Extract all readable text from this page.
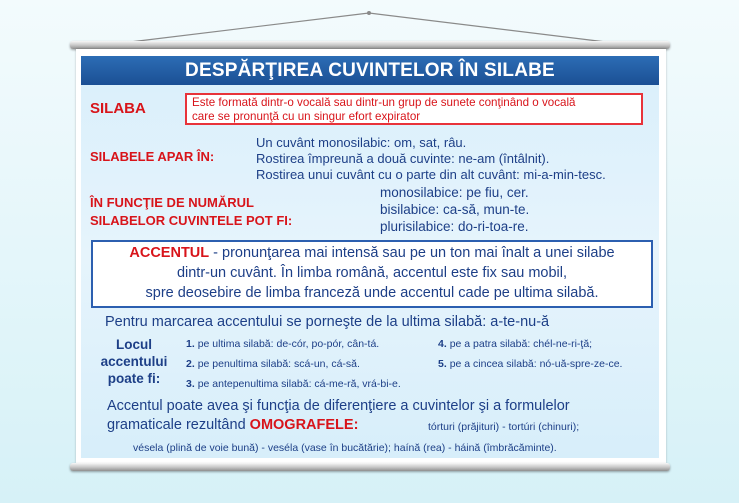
DESPĂRŢIREA CUVINTELOR ÎN SILABE
SILABA	Este formată dintr-o vocală sau dintr-un grup de sunete conţinând o vocală
care se pronunţă cu un singur efort expirator
SILABELE APAR ÎN:
Un cuvânt monosilabic: om, sat, râu.
Rostirea împreună a două cuvinte: ne-am (întâlnit).
Rostirea unui cuvânt cu o parte din alt cuvânt: mi-a-min-tesc.
ÎN FUNCŢIE DE NUMĂRUL
SILABELOR CUVINTELE POT FI:
monosilabice: pe fiu, cer.
bisilabice: ca-să, mun-te.
plurisilabice: do-ri-toa-re.
ACCENTUL - pronunţarea mai intensă sau pe un ton mai înalt a unei silabe
dintr-un cuvânt. În limba română, accentul este fix sau mobil,
spre deosebire de limba franceză unde accentul cade pe ultima silabă.
Pentru marcarea accentului se porneşte de la ultima silabă: a-te-nu-ă
Locul
accentului
poate fi:
1. pe ultima silabă: de-cór, po-pór, cân-tá.
2. pe penultima silabă: scá-un, cá-să.
3. pe antepenultima silabă: cá-me-ră, vrá-bi-e.
4. pe a patra silabă: chél-ne-ri-ţă;
5. pe a cincea silabă: nó-uă-spre-ze-ce.
Accentul poate avea şi funcţia de diferenţiere a cuvintelor şi a formulelor
gramaticale rezultând OMOGRAFELE:	tórturi (prăjituri) - tortúri (chinuri);
vésela (plină de voie bună) - veséla (vase în bucătărie); haínă (rea) - háină (îmbrăcăminte).
